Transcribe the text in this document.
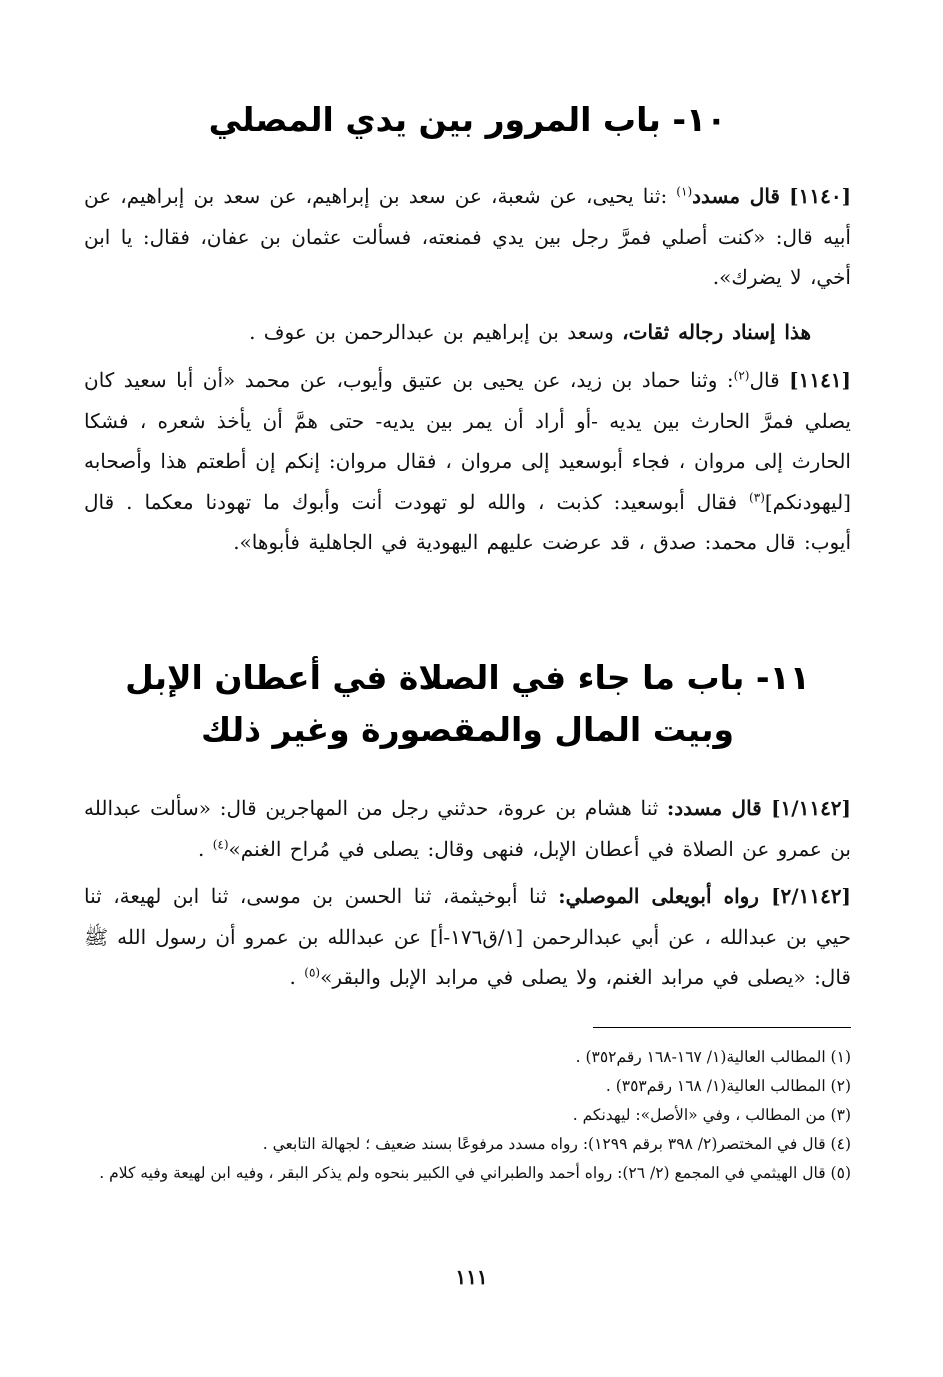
١٠- باب المرور بين يدي المصلي

[١١٤٠] قال مسدد$^{(١)}$ :ثنا يحيى، عن شعبة، عن سعد بن إبراهيم، عن سعد بن إبراهيم، عن أبيه قال: «كنت أصلي فمرَّ رجل بين يدي فمنعته، فسألت عثمان بن عفان، فقال: يا ابن أخي، لا يضرك».

هذا إسناد رجاله ثقات، وسعد بن إبراهيم بن عبدالرحمن بن عوف .

[١١٤١] قال$^{(٢)}$: وثنا حماد بن زيد، عن يحيى بن عتيق وأيوب، عن محمد «أن أبا سعيد كان يصلي فمرَّ الحارث بين يديه -أو أراد أن يمر بين يديه- حتى همَّ أن يأخذ شعره ، فشكا الحارث إلى مروان ، فجاء أبوسعيد إلى مروان ، فقال مروان: إنكم إن أطعتم هذا وأصحابه [ليهودنكم]$^{(٣)}$ فقال أبوسعيد: كذبت ، والله لو تهودت أنت وأبوك ما تهودنا معكما . قال أيوب: قال محمد: صدق ، قد عرضت عليهم اليهودية في الجاهلية فأبوها».

١١- باب ما جاء في الصلاة في أعطان الإبل
وبيت المال والمقصورة وغير ذلك

[١/١١٤٢] قال مسدد: ثنا هشام بن عروة، حدثني رجل من المهاجرين قال: «سألت عبدالله بن عمرو عن الصلاة في أعطان الإبل، فنهى وقال: يصلى في مُراح الغنم»$^{(٤)}$ .

[٢/١١٤٢] رواه أبويعلى الموصلي: ثنا أبوخيثمة، ثنا الحسن بن موسى، ثنا ابن لهيعة، ثنا حيي بن عبدالله ، عن أبي عبدالرحمن [١/ق١٧٦-أ] عن عبدالله بن عمرو أن رسول الله ﷺ قال: «يصلى في مرابد الغنم، ولا يصلى في مرابد الإبل والبقر»$^{(٥)}$ .

(١) المطالب العالية(١/ ١٦٧-١٦٨ رقم٣٥٢) .

(٢) المطالب العالية(١/ ١٦٨ رقم٣٥٣) .

(٣) من المطالب ، وفي «الأصل»: ليهدنكم .

(٤) قال في المختصر(٢/ ٣٩٨ برقم ١٢٩٩): رواه مسدد مرفوعًا بسند ضعيف ؛ لجهالة التابعي .

(٥) قال الهيثمي في المجمع (٢/ ٢٦): رواه أحمد والطبراني في الكبير بنحوه ولم يذكر البقر ، وفيه ابن لهيعة وفيه كلام .

١١١
